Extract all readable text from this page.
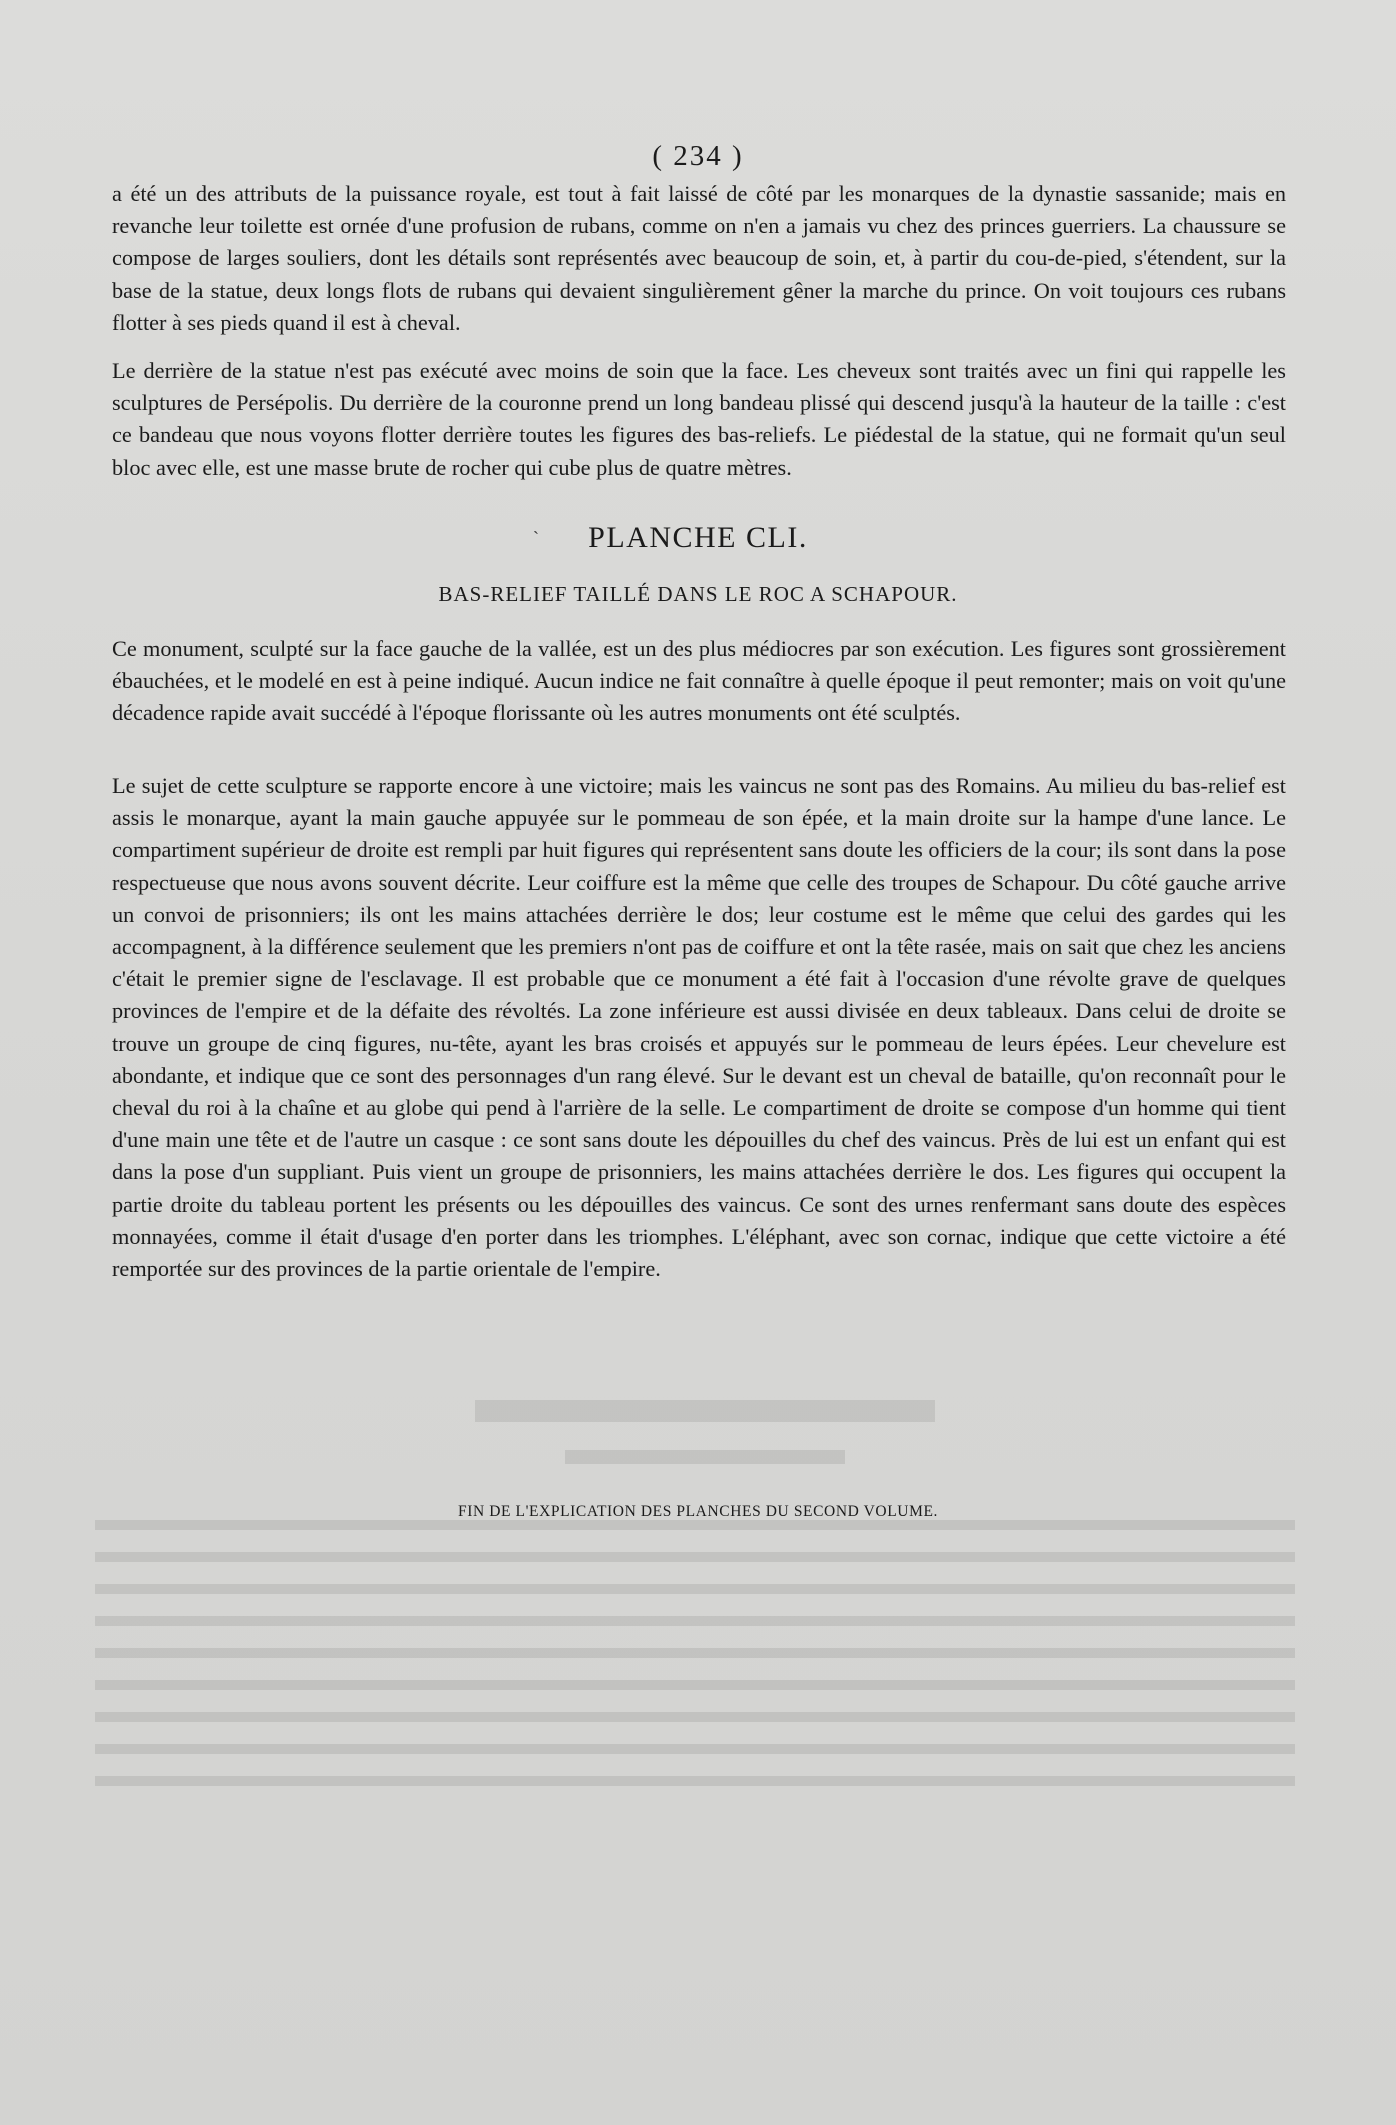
( 234 )

a été un des attributs de la puissance royale, est tout à fait laissé de côté par les monarques de la dynastie sassanide; mais en revanche leur toilette est ornée d'une profusion de rubans, comme on n'en a jamais vu chez des princes guerriers. La chaussure se compose de larges souliers, dont les détails sont représentés avec beaucoup de soin, et, à partir du cou-de-pied, s'étendent, sur la base de la statue, deux longs flots de rubans qui devaient singulièrement gêner la marche du prince. On voit toujours ces rubans flotter à ses pieds quand il est à cheval.

Le derrière de la statue n'est pas exécuté avec moins de soin que la face. Les cheveux sont traités avec un fini qui rappelle les sculptures de Persépolis. Du derrière de la couronne prend un long bandeau plissé qui descend jusqu'à la hauteur de la taille : c'est ce bandeau que nous voyons flotter derrière toutes les figures des bas-reliefs. Le piédestal de la statue, qui ne formait qu'un seul bloc avec elle, est une masse brute de rocher qui cube plus de quatre mètres.

ˋ	PLANCHE CLI.
BAS-RELIEF TAILLÉ DANS LE ROC A SCHAPOUR.

Ce monument, sculpté sur la face gauche de la vallée, est un des plus médiocres par son exécution. Les figures sont grossièrement ébauchées, et le modelé en est à peine indiqué. Aucun indice ne fait connaître à quelle époque il peut remonter; mais on voit qu'une décadence rapide avait succédé à l'époque florissante où les autres monuments ont été sculptés.

Le sujet de cette sculpture se rapporte encore à une victoire; mais les vaincus ne sont pas des Romains. Au milieu du bas-relief est assis le monarque, ayant la main gauche appuyée sur le pommeau de son épée, et la main droite sur la hampe d'une lance. Le compartiment supérieur de droite est rempli par huit figures qui représentent sans doute les officiers de la cour; ils sont dans la pose respectueuse que nous avons souvent décrite. Leur coiffure est la même que celle des troupes de Schapour. Du côté gauche arrive un convoi de prisonniers; ils ont les mains attachées derrière le dos; leur costume est le même que celui des gardes qui les accompagnent, à la différence seulement que les premiers n'ont pas de coiffure et ont la tête rasée, mais on sait que chez les anciens c'était le premier signe de l'esclavage. Il est probable que ce monument a été fait à l'occasion d'une révolte grave de quelques provinces de l'empire et de la défaite des révoltés. La zone inférieure est aussi divisée en deux tableaux. Dans celui de droite se trouve un groupe de cinq figures, nu-tête, ayant les bras croisés et appuyés sur le pommeau de leurs épées. Leur chevelure est abondante, et indique que ce sont des personnages d'un rang élevé. Sur le devant est un cheval de bataille, qu'on reconnaît pour le cheval du roi à la chaîne et au globe qui pend à l'arrière de la selle. Le compartiment de droite se compose d'un homme qui tient d'une main une tête et de l'autre un casque : ce sont sans doute les dépouilles du chef des vaincus. Près de lui est un enfant qui est dans la pose d'un suppliant. Puis vient un groupe de prisonniers, les mains attachées derrière le dos. Les figures qui occupent la partie droite du tableau portent les présents ou les dépouilles des vaincus. Ce sont des urnes renfermant sans doute des espèces monnayées, comme il était d'usage d'en porter dans les triomphes. L'éléphant, avec son cornac, indique que cette victoire a été remportée sur des provinces de la partie orientale de l'empire.

FIN DE L'EXPLICATION DES PLANCHES DU SECOND VOLUME.
